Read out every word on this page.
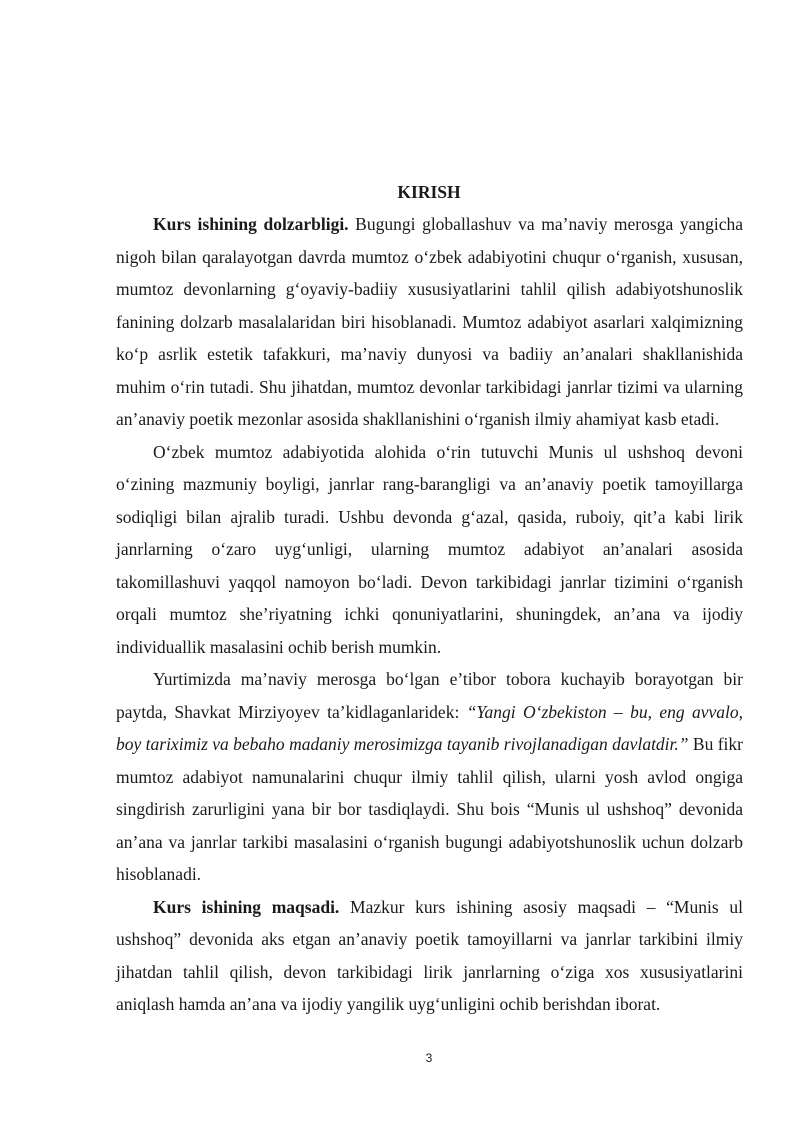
KIRISH

Kurs ishining dolzarbligi. Bugungi globallashuv va ma’naviy merosga yangicha nigoh bilan qaralayotgan davrda mumtoz o‘zbek adabiyotini chuqur o‘rganish, xususan, mumtoz devonlarning g‘oyaviy-badiiy xususiyatlarini tahlil qilish adabiyotshunoslik fanining dolzarb masalalaridan biri hisoblanadi. Mumtoz adabiyot asarlari xalqimizning ko‘p asrlik estetik tafakkuri, ma’naviy dunyosi va badiiy an’analari shakllanishida muhim o‘rin tutadi. Shu jihatdan, mumtoz devonlar tarkibidagi janrlar tizimi va ularning an’anaviy poetik mezonlar asosida shakllanishini o‘rganish ilmiy ahamiyat kasb etadi.

O‘zbek mumtoz adabiyotida alohida o‘rin tutuvchi Munis ul ushshoq devoni o‘zining mazmuniy boyligi, janrlar rang-barangligi va an’anaviy poetik tamoyillarga sodiqligi bilan ajralib turadi. Ushbu devonda g‘azal, qasida, ruboiy, qit’a kabi lirik janrlarning o‘zaro uyg‘unligi, ularning mumtoz adabiyot an’analari asosida takomillashuvi yaqqol namoyon bo‘ladi. Devon tarkibidagi janrlar tizimini o‘rganish orqali mumtoz she’riyatning ichki qonuniyatlarini, shuningdek, an’ana va ijodiy individuallik masalasini ochib berish mumkin.

Yurtimizda ma’naviy merosga bo‘lgan e’tibor tobora kuchayib borayotgan bir paytda, Shavkat Mirziyoyev ta’kidlaganlaridek: “Yangi O‘zbekiston – bu, eng avvalo, boy tariximiz va bebaho madaniy merosimizga tayanib rivojlanadigan davlatdir.” Bu fikr mumtoz adabiyot namunalarini chuqur ilmiy tahlil qilish, ularni yosh avlod ongiga singdirish zarurligini yana bir bor tasdiqlaydi. Shu bois “Munis ul ushshoq” devonida an’ana va janrlar tarkibi masalasini o‘rganish bugungi adabiyotshunoslik uchun dolzarb hisoblanadi.

Kurs ishining maqsadi. Mazkur kurs ishining asosiy maqsadi – “Munis ul ushshoq” devonida aks etgan an’anaviy poetik tamoyillarni va janrlar tarkibini ilmiy jihatdan tahlil qilish, devon tarkibidagi lirik janrlarning o‘ziga xos xususiyatlarini aniqlash hamda an’ana va ijodiy yangilik uyg‘unligini ochib berishdan iborat.

3
